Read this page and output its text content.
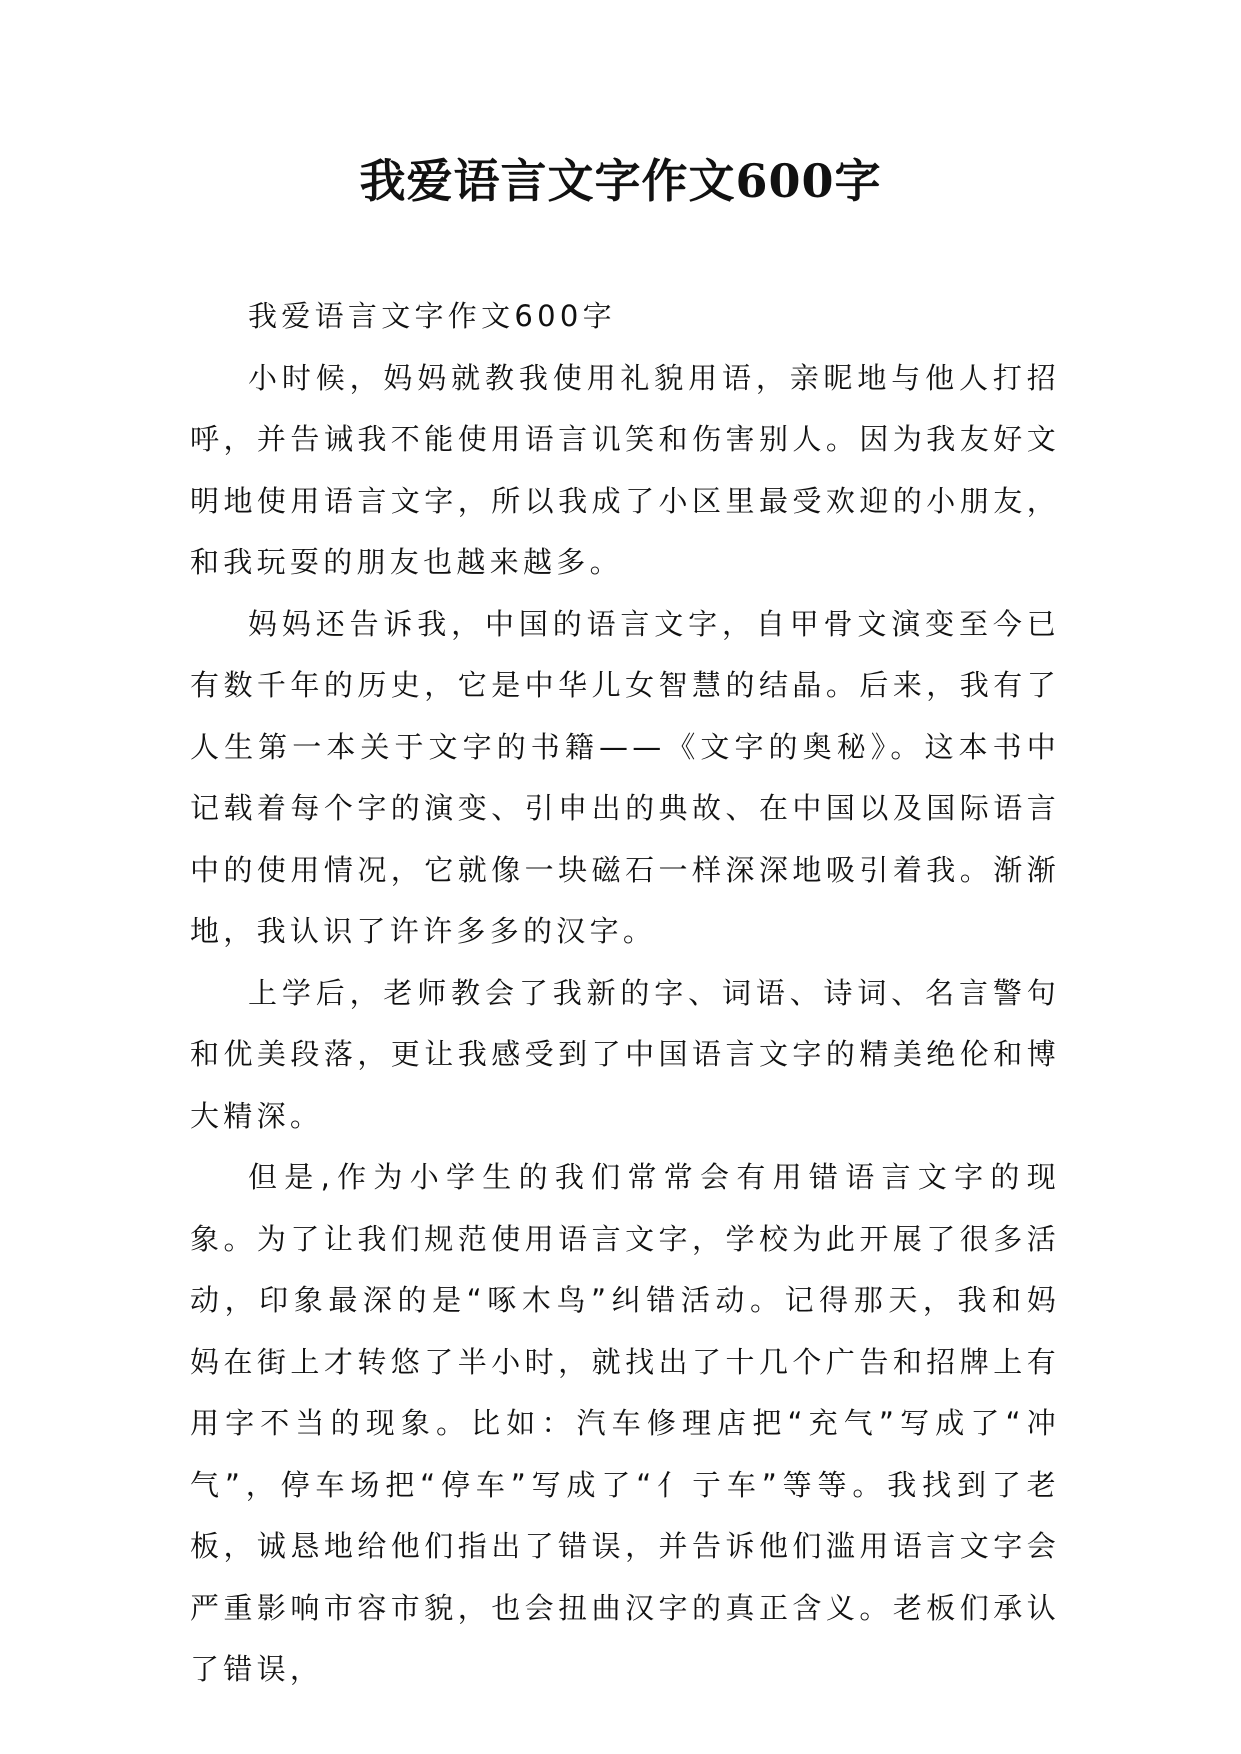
我爱语言文字作文600字

我爱语言文字作文600字

小时候，妈妈就教我使用礼貌用语，亲昵地与他人打招呼，并告诫我不能使用语言讥笑和伤害别人。因为我友好文明地使用语言文字，所以我成了小区里最受欢迎的小朋友，和我玩耍的朋友也越来越多。

妈妈还告诉我，中国的语言文字，自甲骨文演变至今已有数千年的历史，它是中华儿女智慧的结晶。后来，我有了人生第一本关于文字的书籍——《文字的奥秘》。这本书中记载着每个字的演变、引申出的典故、在中国以及国际语言中的使用情况，它就像一块磁石一样深深地吸引着我。渐渐地，我认识了许许多多的汉字。

上学后，老师教会了我新的字、词语、诗词、名言警句和优美段落，更让我感受到了中国语言文字的精美绝伦和博大精深。

但是,作为小学生的我们常常会有用错语言文字的现象。为了让我们规范使用语言文字，学校为此开展了很多活动，印象最深的是“啄木鸟”纠错活动。记得那天，我和妈妈在街上才转悠了半小时，就找出了十几个广告和招牌上有用字不当的现象。比如：汽车修理店把“充气”写成了“冲气”，停车场把“停车”写成了“亻亍车”等等。我找到了老板，诚恳地给他们指出了错误，并告诉他们滥用语言文字会严重影响市容市貌，也会扭曲汉字的真正含义。老板们承认了错误，
